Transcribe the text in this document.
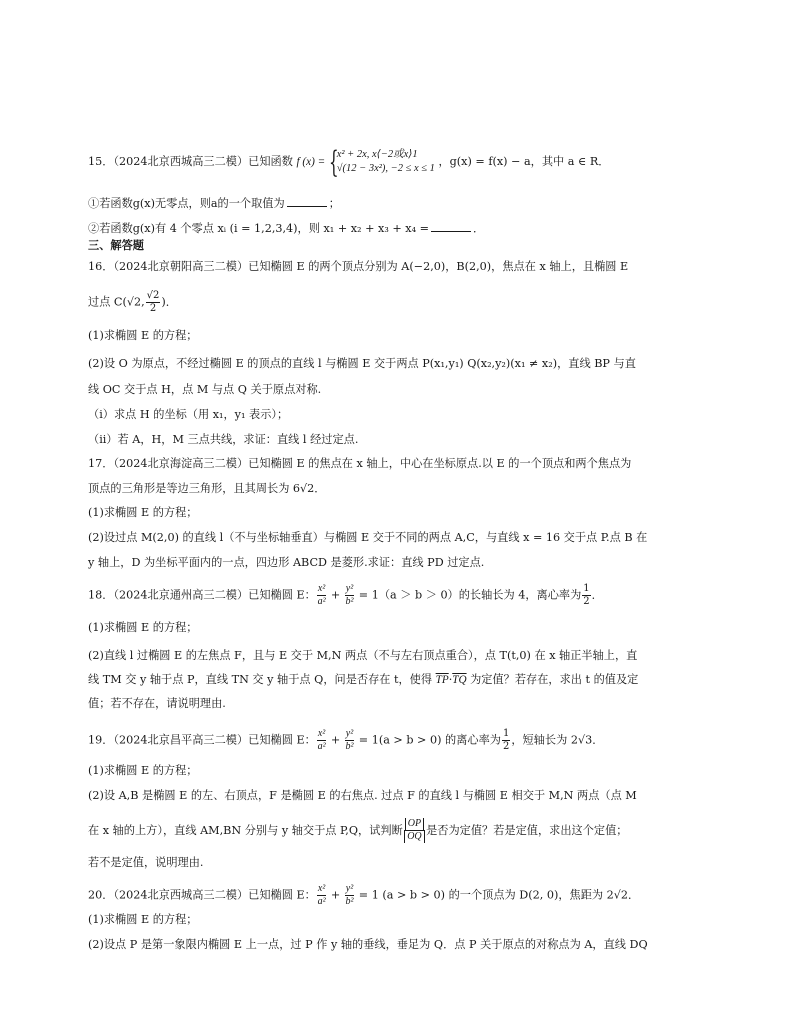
15．（2024北京西城高三二模）已知函数 f (x) = {
x² + 2x, x⟨−2或x⟩1
√(12 − 3x²), −2 ≤ x ≤ 1
，g(x) = f(x) − a，其中 a ∈ R．
①若函数g(x)无零点，则a的一个取值为	；
②若函数g(x)有 4 个零点 xᵢ (i = 1,2,3,4)，则 x₁ + x₂ + x₃ + x₄ =	．
三、解答题
16．（2024北京朝阳高三二模）已知椭圆 E 的两个顶点分别为 A(−2,0)，B(2,0)，焦点在 x 轴上，且椭圆 E
过点 C(√2, $\frac{√2}{2}$ )．
(1)求椭圆 E 的方程；
(2)设 O 为原点，不经过椭圆 E 的顶点的直线 l 与椭圆 E 交于两点 P(x₁,y₁) Q(x₂,y₂)(x₁ ≠ x₂)，直线 BP 与直
线 OC 交于点 H，点 M 与点 Q 关于原点对称.
（i）求点 H 的坐标（用 x₁，y₁ 表示）；
（ii）若 A，H，M 三点共线，求证：直线 l 经过定点.
17．（2024北京海淀高三二模）已知椭圆 E 的焦点在 x 轴上，中心在坐标原点.以 E 的一个顶点和两个焦点为
顶点的三角形是等边三角形，且其周长为 6√2．
(1)求椭圆 E 的方程；
(2)设过点 M(2,0) 的直线 l（不与坐标轴垂直）与椭圆 E 交于不同的两点 A,C，与直线 x = 16 交于点 P.点 B 在
y 轴上，D 为坐标平面内的一点，四边形 ABCD 是菱形.求证：直线 PD 过定点.
18．（2024北京通州高三二模）已知椭圆 E： $\frac{\text{x²}}{\text{a²}} + \frac{\text{y²}}{\text{b²}} = 1(a > b > 0)$的长轴长为 4，离心率为 $\frac{1}{2}$ ．
(1)求椭圆 E 的方程；
(2)直线 l 过椭圆 E 的左焦点 F，且与 E 交于 M,N 两点（不与左右顶点重合），点 T(t,0) 在 x 轴正半轴上，直
线 TM 交 y 轴于点 P，直线 TN 交 y 轴于点 Q，问是否存在 t，使得 $\overline{TP}\cdot\overline{TQ}$ 为定值？若存在，求出 t 的值及定
值；若不存在，请说明理由.
19．（2024北京昌平高三二模）已知椭圆 E： $\frac{\text{x²}}{\text{a²}} + \frac{\text{y²}}{\text{b²}} = 1(a > b > 0)$ 的离心率为 $\frac{1}{2}$ ，短轴长为 2√3．
(1)求椭圆 E 的方程；
(2)设 A,B 是椭圆 E 的左、右顶点，F 是椭圆 E 的右焦点. 过点 F 的直线 l 与椭圆 E 相交于 M,N 两点（点 M
在 x 轴的上方），直线 AM,BN 分别与 y 轴交于点 P,Q，试判断 $\frac{OP}{OQ}$ 是否为定值？若是定值，求出这个定值；
若不是定值，说明理由.
20．（2024北京西城高三二模）已知椭圆 E： $\frac{\text{x²}}{\text{a²}} + \frac{\text{y²}}{\text{b²}} = 1$ (a > b > 0) 的一个顶点为 D(2, 0)，焦距为 2√2．
(1)求椭圆 E 的方程；
(2)设点 P 是第一象限内椭圆 E 上一点，过 P 作 y 轴的垂线，垂足为 Q．点 P 关于原点的对称点为 A，直线 DQ
